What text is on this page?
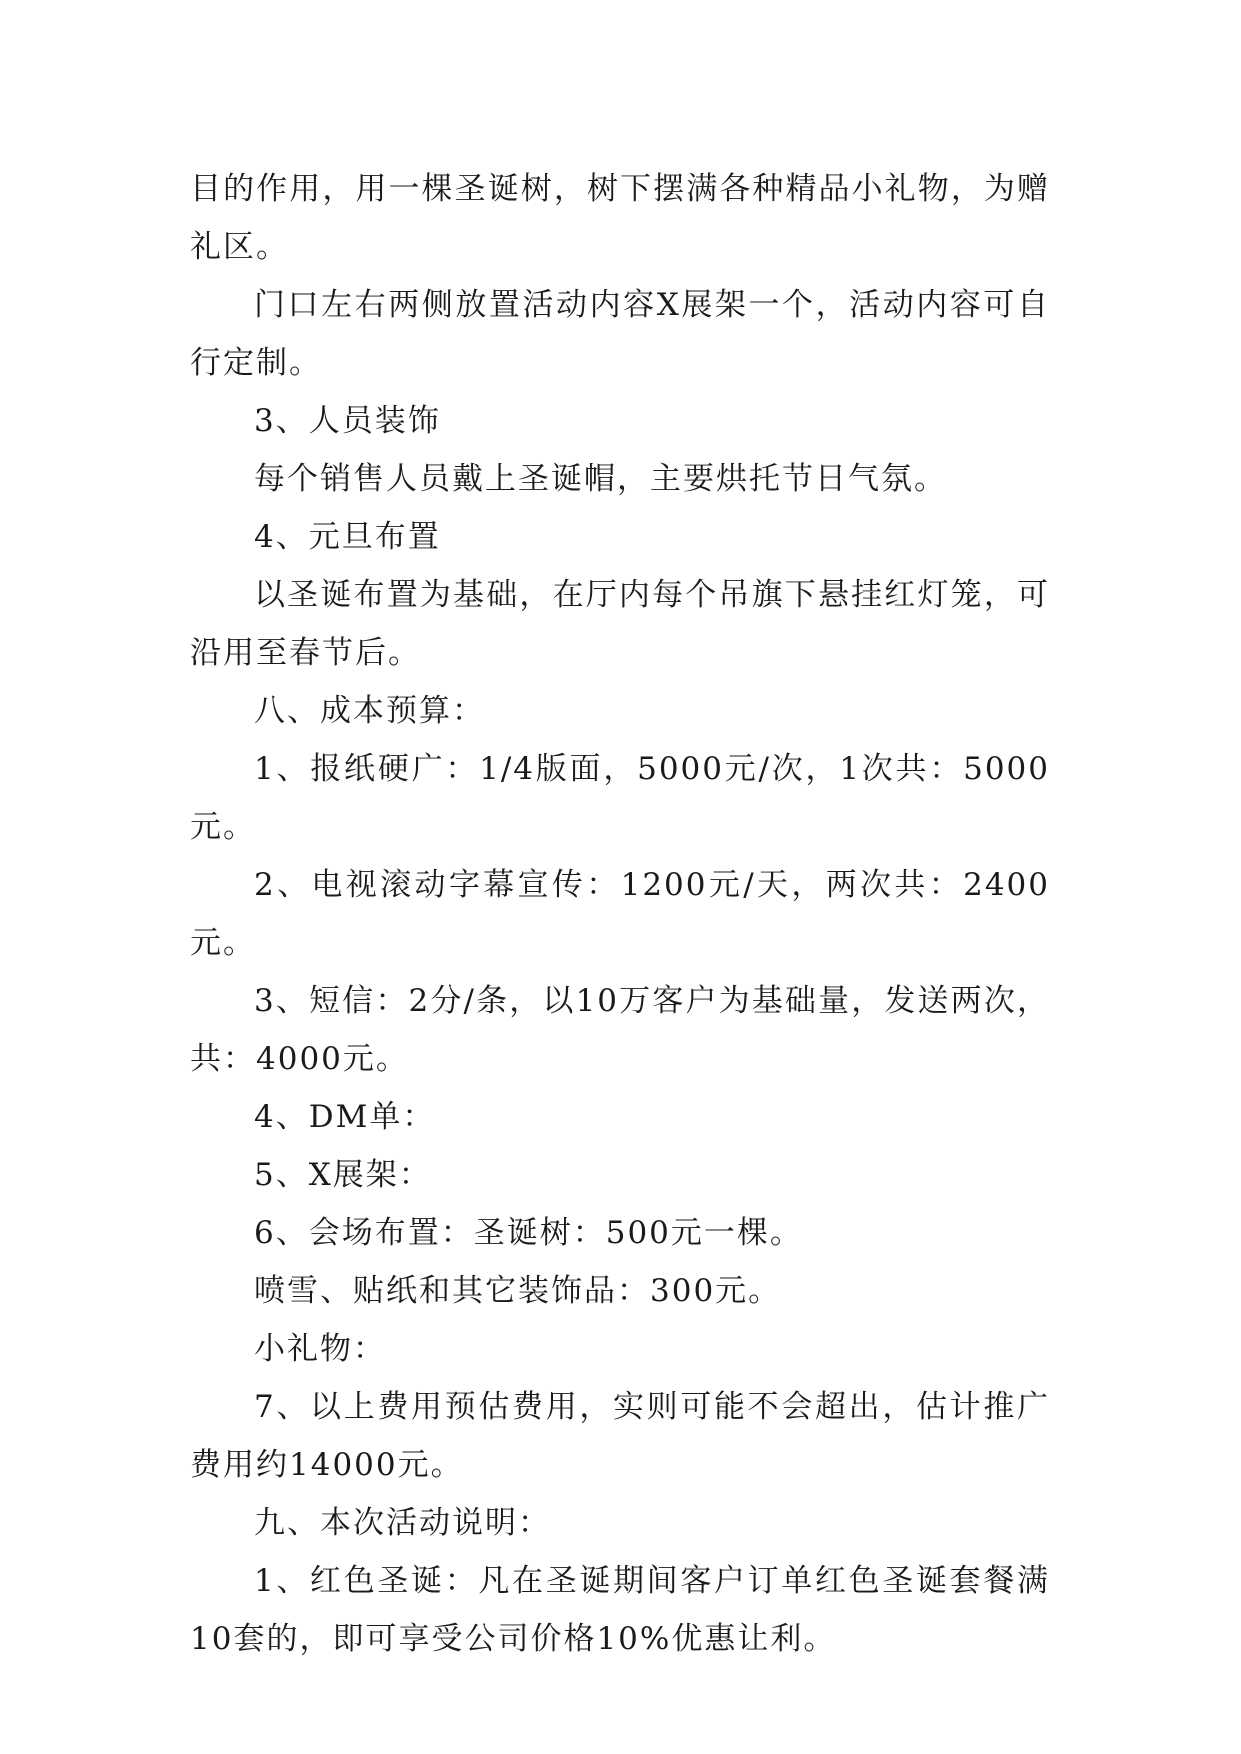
目的作用，用一棵圣诞树，树下摆满各种精品小礼物，为赠礼区。

门口左右两侧放置活动内容X展架一个，活动内容可自行定制。

3、人员装饰

每个销售人员戴上圣诞帽，主要烘托节日气氛。

4、元旦布置

以圣诞布置为基础，在厅内每个吊旗下悬挂红灯笼，可沿用至春节后。

八、成本预算：

1、报纸硬广：1/4版面，5000元/次，1次共：5000元。

2、电视滚动字幕宣传：1200元/天，两次共：2400元。

3、短信：2分/条，以10万客户为基础量，发送两次，共：4000元。

4、DM单：

5、X展架：

6、会场布置：圣诞树：500元一棵。

喷雪、贴纸和其它装饰品：300元。

小礼物：

7、以上费用预估费用，实则可能不会超出，估计推广费用约14000元。

九、本次活动说明：

1、红色圣诞：凡在圣诞期间客户订单红色圣诞套餐满10套的，即可享受公司价格10%优惠让利。
